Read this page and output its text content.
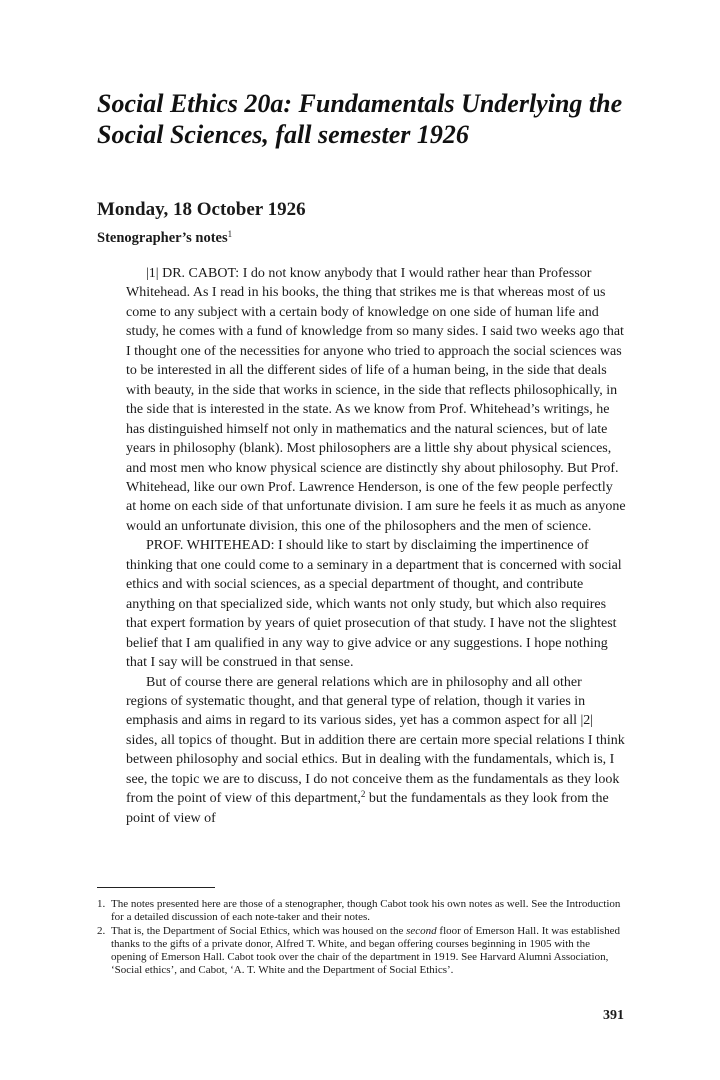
Social Ethics 20a: Fundamentals Underlying the Social Sciences, fall semester 1926
Monday, 18 October 1926
Stenographer’s notes$^1$

|1| DR. CABOT: I do not know anybody that I would rather hear than Professor Whitehead. As I read in his books, the thing that strikes me is that whereas most of us come to any subject with a certain body of knowledge on one side of human life and study, he comes with a fund of knowledge from so many sides. I said two weeks ago that I thought one of the necessities for anyone who tried to approach the social sciences was to be interested in all the different sides of life of a human being, in the side that deals with beauty, in the side that works in science, in the side that reflects philosophically, in the side that is interested in the state. As we know from Prof. Whitehead’s writings, he has distinguished himself not only in mathematics and the natural sciences, but of late years in philosophy (blank). Most philosophers are a little shy about physical sciences, and most men who know physical science are distinctly shy about philosophy. But Prof. Whitehead, like our own Prof. Lawrence Henderson, is one of the few people perfectly at home on each side of that unfortunate division. I am sure he feels it as much as anyone would an unfortunate division, this one of the philosophers and the men of science.

PROF. WHITEHEAD: I should like to start by disclaiming the impertinence of thinking that one could come to a seminary in a department that is concerned with social ethics and with social sciences, as a special department of thought, and contribute anything on that specialized side, which wants not only study, but which also requires that expert formation by years of quiet prosecution of that study. I have not the slightest belief that I am qualified in any way to give advice or any suggestions. I hope nothing that I say will be construed in that sense.

But of course there are general relations which are in philosophy and all other regions of systematic thought, and that general type of relation, though it varies in emphasis and aims in regard to its various sides, yet has a common aspect for all |2| sides, all topics of thought. But in addition there are certain more special relations I think between philosophy and social ethics. But in dealing with the fundamentals, which is, I see, the topic we are to discuss, I do not conceive them as the fundamentals as they look from the point of view of this department,$^2$ but the fundamentals as they look from the point of view of

1. The notes presented here are those of a stenographer, though Cabot took his own notes as well. See the Introduction for a detailed discussion of each note-taker and their notes.
2. That is, the Department of Social Ethics, which was housed on the second floor of Emerson Hall. It was established thanks to the gifts of a private donor, Alfred T. White, and began offering courses beginning in 1905 with the opening of Emerson Hall. Cabot took over the chair of the department in 1919. See Harvard Alumni Association, ‘Social ethics’, and Cabot, ‘A. T. White and the Department of Social Ethics’.
391
